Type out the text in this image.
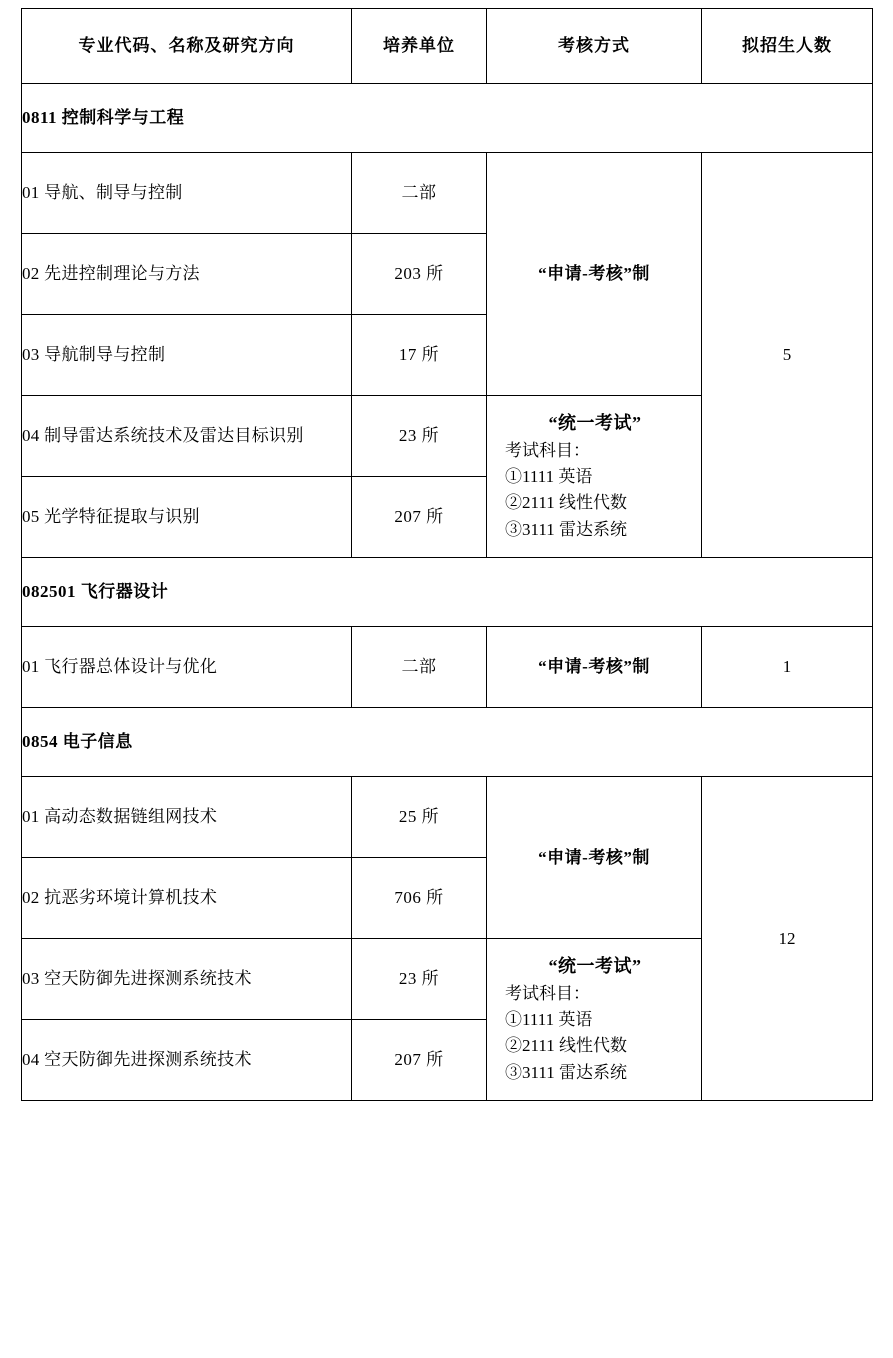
专业代码、名称及研究方向	培养单位	考核方式	拟招生人数
0811 控制科学与工程			
01 导航、制导与控制	二部	“申请-考核”制	5
02 先进控制理论与方法	203 所		
03 导航制导与控制	17 所		
04 制导雷达系统技术及雷达目标识别	23 所	“统一考试”
考试科目：
①1111 英语
②2111 线性代数
③3111 雷达系统	

05 光学特征提取与识别	207 所		
082501 飞行器设计			
01 飞行器总体设计与优化	二部	“申请-考核”制	1
0854 电子信息			
01 高动态数据链组网技术	25 所	“申请-考核”制	12
02 抗恶劣环境计算机技术	706 所		
03 空天防御先进探测系统技术	23 所	“统一考试”
考试科目：
①1111 英语
②2111 线性代数
③3111 雷达系统	

04 空天防御先进探测系统技术	207 所		
